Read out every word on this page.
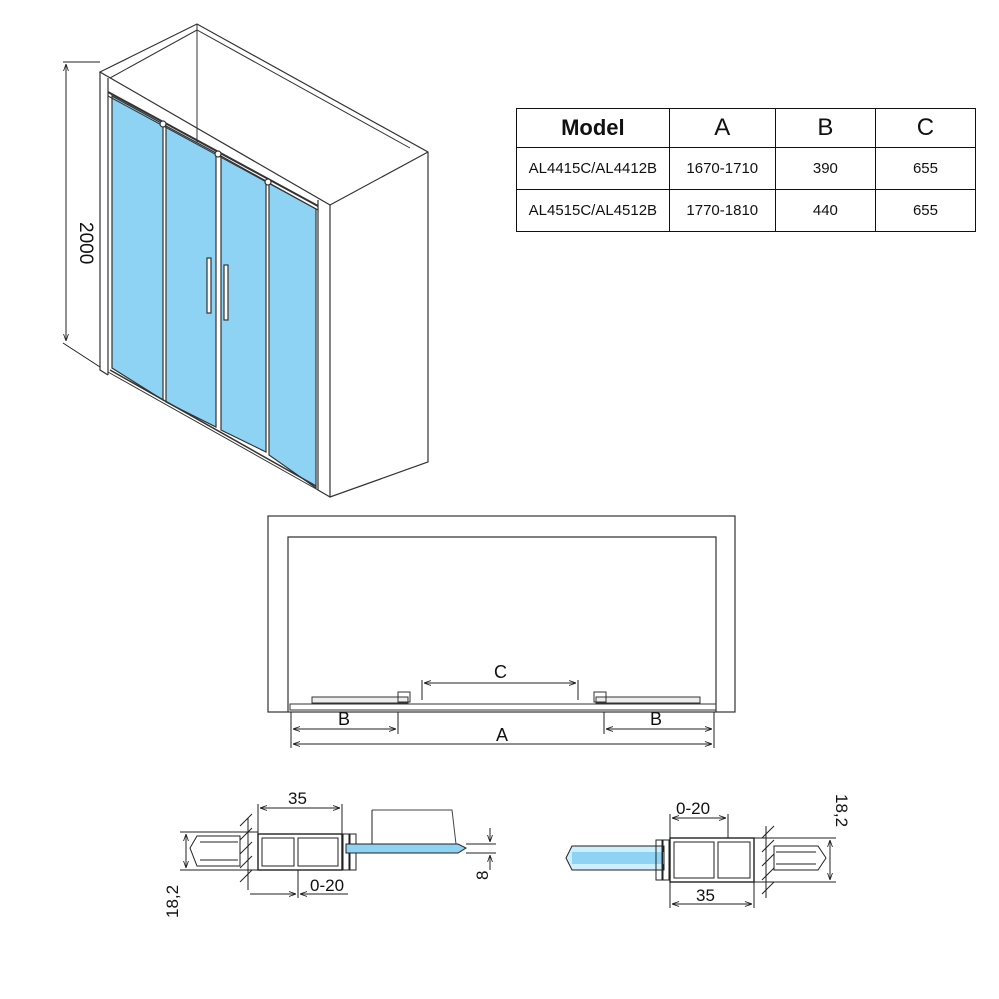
2000
C
B	B
A
35
0-20
18,2
8
0-20
35
18,2
Model	A	B	C
AL4415C/AL4412B	1670-1710	390	655
AL4515C/AL4512B	1770-1810	440	655
